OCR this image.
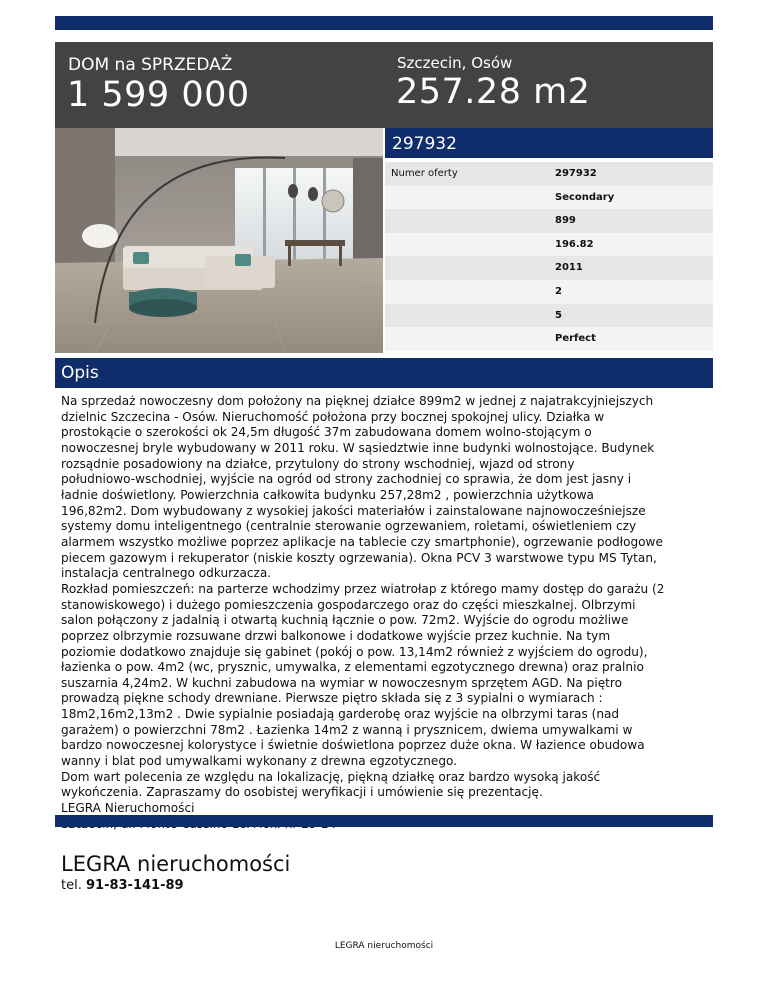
DOM na SPRZEDAŻ
1 599 000
Szczecin, Osów
257.28 m2
297932
Numer oferty	297932
Secondary
899
196.82
2011
2
5
Perfect
Opis
Na sprzedaż nowoczesny dom położony na pięknej działce 899m2 w jednej z najatrakcyjniejszych
dzielnic Szczecina - Osów. Nieruchomość położona przy bocznej spokojnej ulicy. Działka w
prostokącie o szerokości ok 24,5m długość 37m zabudowana domem wolno-stojącym o
nowoczesnej bryle wybudowany w 2011 roku. W sąsiedztwie inne budynki wolnostojące. Budynek
rozsądnie posadowiony na działce, przytulony do strony wschodniej, wjazd od strony
południowo-wschodniej, wyjście na ogród od strony zachodniej co sprawia, że dom jest jasny i
ładnie doświetlony. Powierzchnia całkowita budynku 257,28m2 , powierzchnia użytkowa
196,82m2. Dom wybudowany z wysokiej jakości materiałów i zainstalowane najnowocześniejsze
systemy domu inteligentnego (centralnie sterowanie ogrzewaniem, roletami, oświetleniem czy
alarmem wszystko możliwe poprzez aplikacje na tablecie czy smartphonie), ogrzewanie podłogowe
piecem gazowym i rekuperator (niskie koszty ogrzewania). Okna PCV 3 warstwowe typu MS Tytan,
instalacja centralnego odkurzacza.
Rozkład pomieszczeń: na parterze wchodzimy przez wiatrołap z którego mamy dostęp do garażu (2
stanowiskowego) i dużego pomieszczenia gospodarczego oraz do części mieszkalnej. Olbrzymi
salon połączony z jadalnią i otwartą kuchnią łącznie o pow. 72m2. Wyjście do ogrodu możliwe
poprzez olbrzymie rozsuwane drzwi balkonowe i dodatkowe wyjście przez kuchnie. Na tym
poziomie dodatkowo znajduje się gabinet (pokój o pow. 13,14m2 również z wyjściem do ogrodu),
łazienka o pow. 4m2 (wc, prysznic, umywalka, z elementami egzotycznego drewna) oraz pralnio
suszarnia 4,24m2. W kuchni zabudowa na wymiar w nowoczesnym sprzętem AGD. Na piętro
prowadzą piękne schody drewniane. Pierwsze piętro składa się z 3 sypialni o wymiarach :
18m2,16m2,13m2 . Dwie sypialnie posiadają garderobę oraz wyjście na olbrzymi taras (nad
garażem) o powierzchni 78m2 . Łazienka 14m2 z wanną i prysznicem, dwiema umywalkami w
bardzo nowoczesnej kolorystyce i świetnie doświetlona poprzez duże okna. W łazience obudowa
wanny i blat pod umywalkami wykonany z drewna egzotycznego.
Dom wart polecenia ze względu na lokalizację, piękną działkę oraz bardzo wysoką jakość
wykończenia. Zapraszamy do osobistej weryfikacji i umówienie się prezentację.
LEGRA Nieruchomości
LEGRA nieruchomości
tel. 91-83-141-89
LEGRA nieruchomości
